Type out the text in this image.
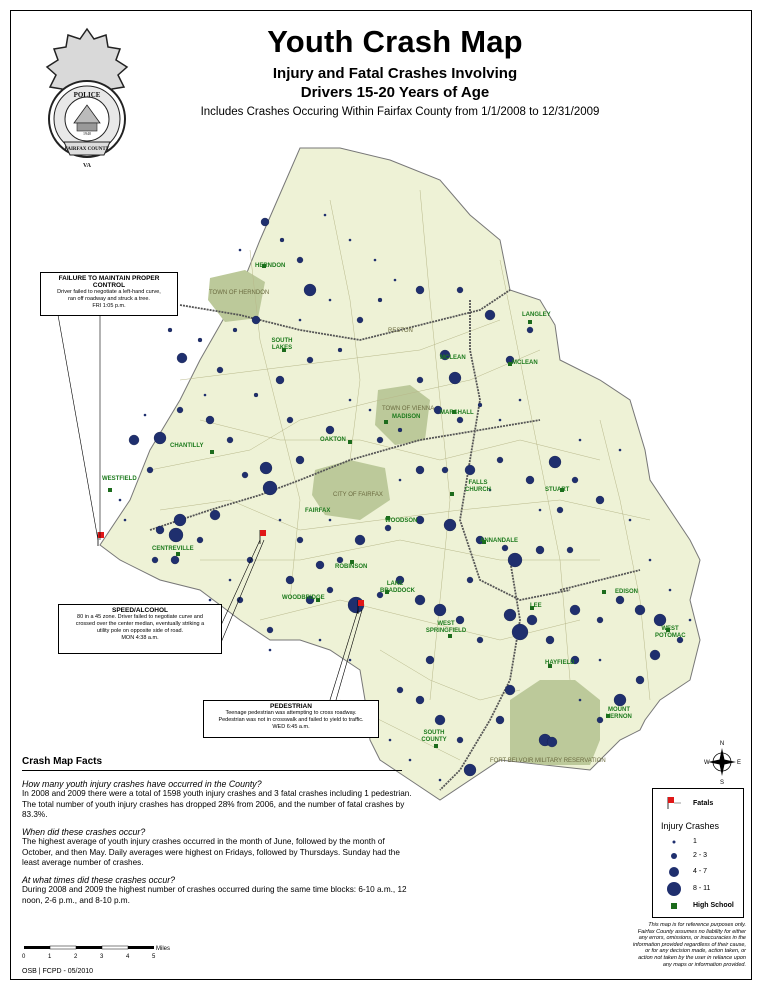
POLICE
FAIRFAX COUNTY
VA
1940
Youth Crash Map
Injury and Fatal Crashes Involving
Drivers 15-20 Years of Age
Includes Crashes Occuring Within Fairfax County from 1/1/2008 to 12/31/2009
HERNDON
TOWN OF HERNDON
RESTON
SOUTH LAKES
LANGLEY
MCLEAN
MCLEAN
TOWN OF VIENNA
MADISON
MARSHALL
OAKTON
CHANTILLY
WESTFIELD
CITY OF FAIRFAX
FAIRFAX
FALLS CHURCH	STUART
WOODSON
ANNANDALE
CENTREVILLE
ROBINSON
LAKE BRADDOCK
WOODBRIDGE
WEST SPRINGFIELD
LEE
EDISON
WEST POTOMAC
HAYFIELD
MOUNT VERNON
SOUTH COUNTY
FORT BELVOIR MILITARY RESERVATION
FAILURE TO MAINTAIN PROPER CONTROL
Driver failed to negotiate a left-hand curve,
ran off roadway and struck a tree.
FRI 1:05 p.m.
SPEED/ALCOHOL
80 in a 45 zone. Driver failed to negotiate curve and
crossed over the center median, eventually striking a
utility pole on opposite side of road.
MON 4:38 a.m.
PEDESTRIAN
Teenage pedestrian was attempting to cross roadway.
Pedestrian was not in crosswalk and failed to yield to traffic.
WED 6:45 a.m.
N
W	E
S
Crash Map Facts
How many youth injury crashes have occurred in the County?
In 2008 and 2009 there were a total of 1598 youth injury crashes and 3 fatal crashes including 1 pedestrian. The total number of youth injury crashes has dropped 28% from 2006, and the number of fatal crashes by 83.3%.
When did these crashes occur?
The highest average of youth injury crashes occurred in the month of June, followed by the month of October, and then May. Daily averages were highest on Fridays, followed by Thursdays. Sunday had the least average number of crashes.
At what times did these crashes occur?
During 2008 and 2009 the highest number of crashes occurred during the same time blocks: 6-10 a.m., 12 noon, 2-6 p.m., and 8-10 p.m.
Fatals
Injury Crashes
1
2 - 3
4 - 7
8 - 11
High School
This map is for reference purposes only.
Fairfax County assumes no liability for either
any errors, omissions, or inaccuracies in the
information provided regardless of their cause,
or for any decision made, action taken, or
action not taken by the user in reliance upon
any maps or information provided.
Miles
0	1	2	3	4	5
OSB | FCPD - 05/2010
